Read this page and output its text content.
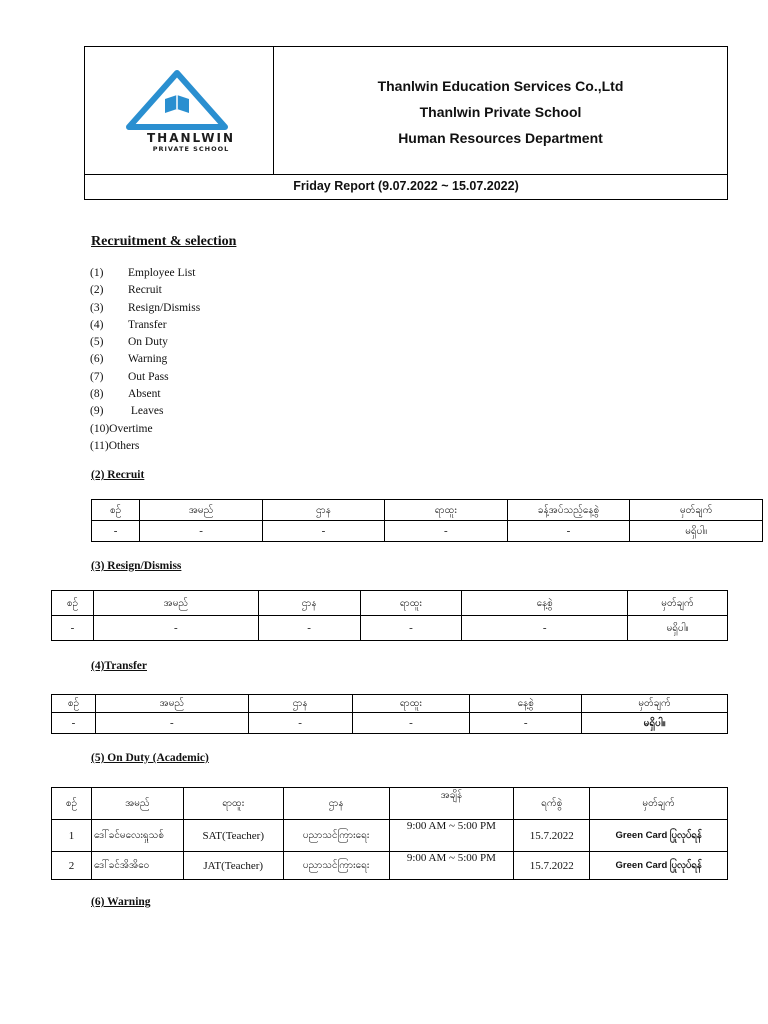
THANLWIN
PRIVATE SCHOOL
Thanlwin Education Services Co.,Ltd
Thanlwin Private School
Human Resources Department
Friday Report (9.07.2022 ~ 15.07.2022)
Recruitment & selection
(1) Employee List
(2) Recruit
(3) Resign/Dismiss
(4) Transfer
(5) On Duty
(6) Warning
(7) Out Pass
(8) Absent
(9) Leaves
(10)Overtime
(11)Others
(2) Recruit
စဉ်	အမည်	ဌာန	ရာထူး	ခန့်အပ်သည့်နေ့စွဲ	မှတ်ချက်
-	-	-	-	-	မရှိပါ။
(3) Resign/Dismiss
စဉ်	အမည်	ဌာန	ရာထူး	နေ့စွဲ	မှတ်ချက်
-	-	-	-	-	မရှိပါ။
(4)Transfer
စဉ်	အမည်	ဌာန	ရာထူး	နေ့စွဲ	မှတ်ချက်
-	-	-	-	-	မရှိပါ။
(5) On Duty (Academic)
စဉ်	အမည်	ရာထူး	ဌာန	အချိန်	ရက်စွဲ	မှတ်ချက်
1	ဒေါ်ခင်မလေးရှုသစ်	SAT(Teacher)	ပညာသင်ကြားရေး	9:00 AM ~ 5:00 PM	15.7.2022	Green Card ပြုလုပ်ရန်
2	ဒေါ်ခင်အိအိဝေ	JAT(Teacher)	ပညာသင်ကြားရေး	9:00 AM ~ 5:00 PM	15.7.2022	Green Card ပြုလုပ်ရန်
(6) Warning
